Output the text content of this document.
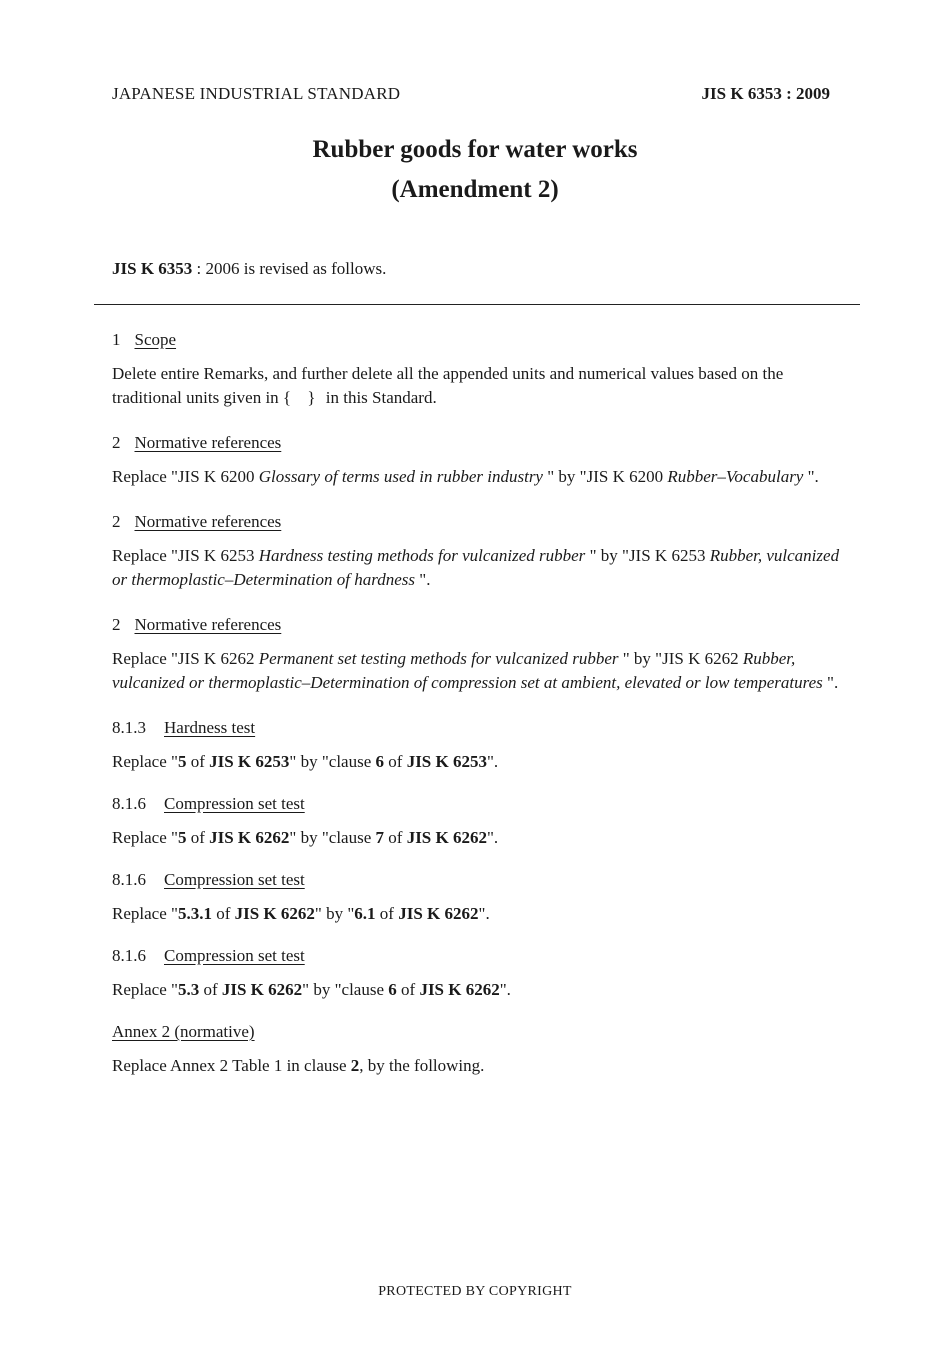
JAPANESE INDUSTRIAL STANDARD	JIS K 6353 : 2009
Rubber goods for water works
(Amendment 2)
JIS K 6353 : 2006 is revised as follows.
1 Scope

Delete entire Remarks, and further delete all the appended units and numerical values based on the traditional units given in { } in this Standard.

2 Normative references

Replace "JIS K 6200 Glossary of terms used in rubber industry " by "JIS K 6200 Rubber–Vocabulary ".

2 Normative references

Replace "JIS K 6253 Hardness testing methods for vulcanized rubber " by "JIS K 6253 Rubber, vulcanized or thermoplastic–Determination of hardness ".

2 Normative references

Replace "JIS K 6262 Permanent set testing methods for vulcanized rubber " by "JIS K 6262 Rubber, vulcanized or thermoplastic–Determination of compression set at ambient, elevated or low temperatures ".

8.1.3 Hardness test

Replace "5 of JIS K 6253" by "clause 6 of JIS K 6253".

8.1.6 Compression set test

Replace "5 of JIS K 6262" by "clause 7 of JIS K 6262".

8.1.6 Compression set test

Replace "5.3.1 of JIS K 6262" by "6.1 of JIS K 6262".

8.1.6 Compression set test

Replace "5.3 of JIS K 6262" by "clause 6 of JIS K 6262".

Annex 2 (normative)

Replace Annex 2 Table 1 in clause 2, by the following.

PROTECTED BY COPYRIGHT
